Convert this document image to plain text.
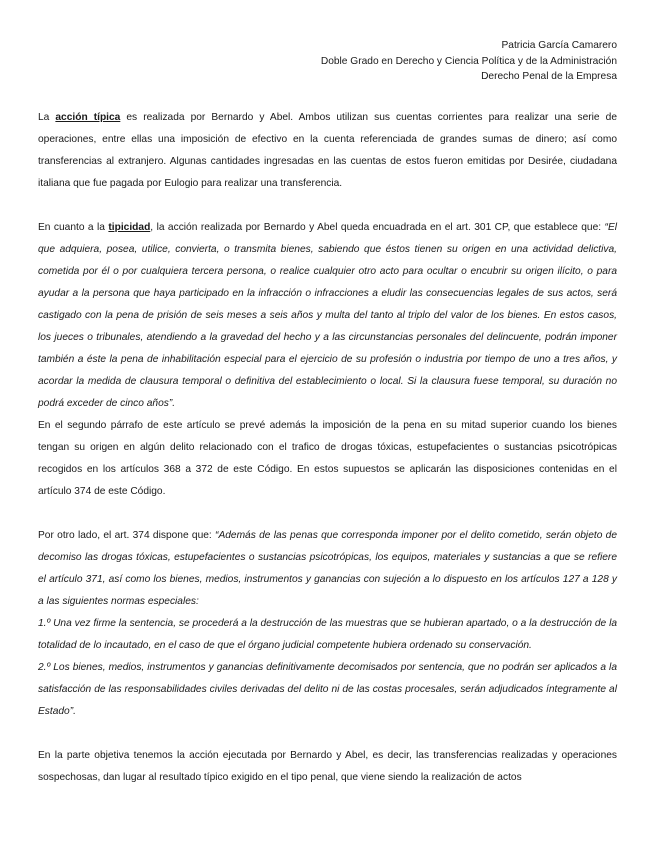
Patricia García Camarero
Doble Grado en Derecho y Ciencia Política y de la Administración
Derecho Penal de la Empresa

La acción típica es realizada por Bernardo y Abel. Ambos utilizan sus cuentas corrientes para realizar una serie de operaciones, entre ellas una imposición de efectivo en la cuenta referenciada de grandes sumas de dinero; así como transferencias al extranjero. Algunas cantidades ingresadas en las cuentas de estos fueron emitidas por Desirée, ciudadana italiana que fue pagada por Eulogio para realizar una transferencia.

En cuanto a la tipicidad, la acción realizada por Bernardo y Abel queda encuadrada en el art. 301 CP, que establece que: “El que adquiera, posea, utilice, convierta, o transmita bienes, sabiendo que éstos tienen su origen en una actividad delictiva, cometida por él o por cualquiera tercera persona, o realice cualquier otro acto para ocultar o encubrir su origen ilícito, o para ayudar a la persona que haya participado en la infracción o infracciones a eludir las consecuencias legales de sus actos, será castigado con la pena de prisión de seis meses a seis años y multa del tanto al triplo del valor de los bienes. En estos casos, los jueces o tribunales, atendiendo a la gravedad del hecho y a las circunstancias personales del delincuente, podrán imponer también a éste la pena de inhabilitación especial para el ejercicio de su profesión o industria por tiempo de uno a tres años, y acordar la medida de clausura temporal o definitiva del establecimiento o local. Si la clausura fuese temporal, su duración no podrá exceder de cinco años”.

En el segundo párrafo de este artículo se prevé además la imposición de la pena en su mitad superior cuando los bienes tengan su origen en algún delito relacionado con el trafico de drogas tóxicas, estupefacientes o sustancias psicotrópicas recogidos en los artículos 368 a 372 de este Código. En estos supuestos se aplicarán las disposiciones contenidas en el artículo 374 de este Código.

Por otro lado, el art. 374 dispone que: “Además de las penas que corresponda imponer por el delito cometido, serán objeto de decomiso las drogas tóxicas, estupefacientes o sustancias psicotrópicas, los equipos, materiales y sustancias a que se refiere el artículo 371, así como los bienes, medios, instrumentos y ganancias con sujeción a lo dispuesto en los artículos 127 a 128 y a las siguientes normas especiales:

1.º Una vez firme la sentencia, se procederá a la destrucción de las muestras que se hubieran apartado, o a la destrucción de la totalidad de lo incautado, en el caso de que el órgano judicial competente hubiera ordenado su conservación.

2.º Los bienes, medios, instrumentos y ganancias definitivamente decomisados por sentencia, que no podrán ser aplicados a la satisfacción de las responsabilidades civiles derivadas del delito ni de las costas procesales, serán adjudicados íntegramente al Estado”.

En la parte objetiva tenemos la acción ejecutada por Bernardo y Abel, es decir, las transferencias realizadas y operaciones sospechosas, dan lugar al resultado típico exigido en el tipo penal, que viene siendo la realización de actos
